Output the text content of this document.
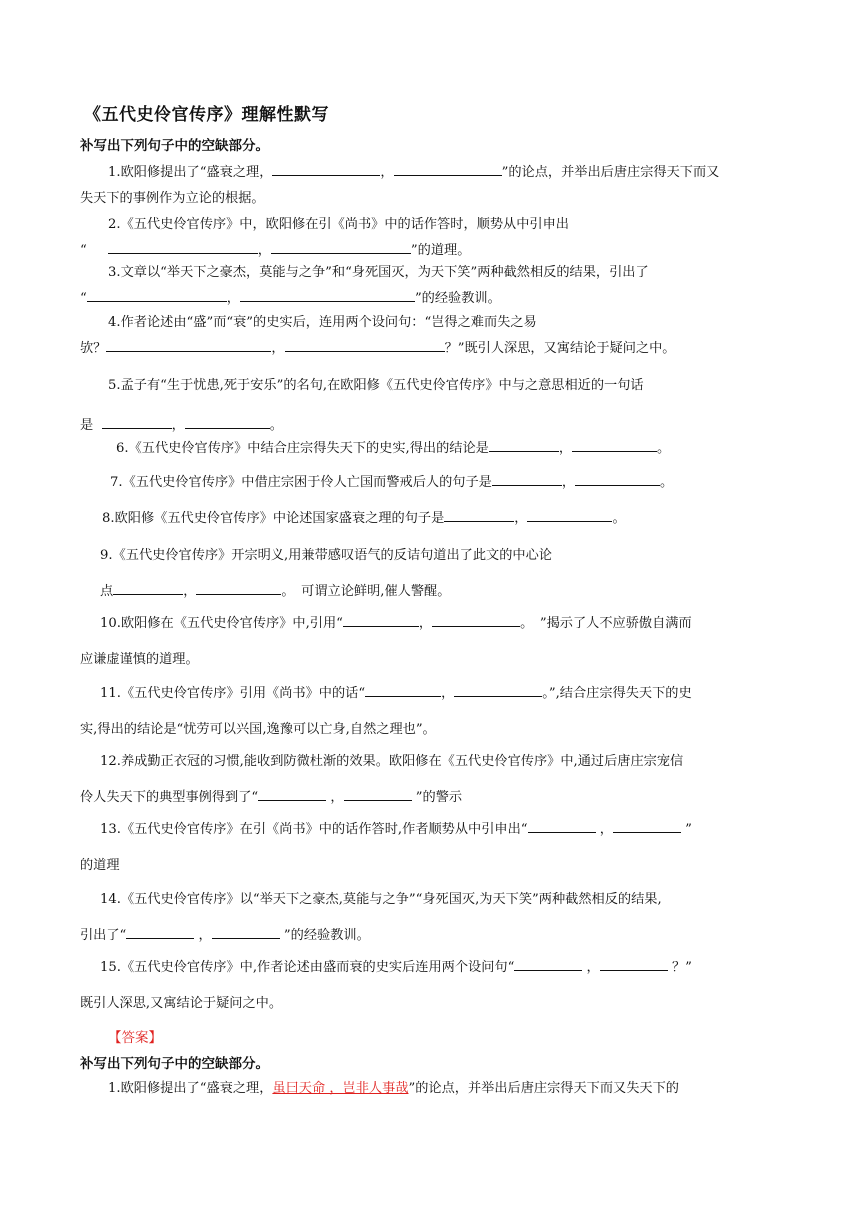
《五代史伶官传序》理解性默写
补写出下列句子中的空缺部分。
1.欧阳修提出了“盛衰之理，	，	”的论点，并举出后唐庄宗得天下而又
失天下的事例作为立论的根据。
2.《五代史伶官传序》中，欧阳修在引《尚书》中的话作答时，顺势从中引申出
“	，	”的道理。
3.文章以“举天下之豪杰，莫能与之争”和“身死国灭，为天下笑”两种截然相反的结果，引出了
“	，	”的经验教训。
4.作者论述由“盛”而“衰”的史实后，连用两个设问句：“岂得之难而失之易
欤？	，	？”既引人深思，又寓结论于疑问之中。
5.孟子有“生于忧患,死于安乐”的名句,在欧阳修《五代史伶官传序》中与之意思相近的一句话
是	，	。
6.《五代史伶官传序》中结合庄宗得失天下的史实,得出的结论是	，	。
7.《五代史伶官传序》中借庄宗困于伶人亡国而警戒后人的句子是	，	。
8.欧阳修《五代史伶官传序》中论述国家盛衰之理的句子是	，	。
9.《五代史伶官传序》开宗明义,用兼带感叹语气的反诘句道出了此文的中心论
点	，	。　可谓立论鲜明,催人警醒。
10.欧阳修在《五代史伶官传序》中,引用“	，	。　”揭示了人不应骄傲自满而
应谦虚谨慎的道理。
11.《五代史伶官传序》引用《尚书》中的话“	，	。”,结合庄宗得失天下的史
实,得出的结论是“忧劳可以兴国,逸豫可以亡身,自然之理也”。
12.养成勤正衣冠的习惯,能收到防微杜渐的效果。欧阳修在《五代史伶官传序》中,通过后唐庄宗宠信
伶人失天下的典型事例得到了“	，	”的警示
13.《五代史伶官传序》在引《尚书》中的话作答时,作者顺势从中引申出“	，	”
的道理
14.《五代史伶官传序》以“举天下之豪杰,莫能与之争”“身死国灭,为天下笑”两种截然相反的结果,
引出了“	，	”的经验教训。
15.《五代史伶官传序》中,作者论述由盛而衰的史实后连用两个设问句“	，	？”
既引人深思,又寓结论于疑问之中。
【答案】
补写出下列句子中的空缺部分。
1.欧阳修提出了“盛衰之理，虽曰天命 ，岂非人事哉”的论点，并举出后唐庄宗得天下而又失天下的
